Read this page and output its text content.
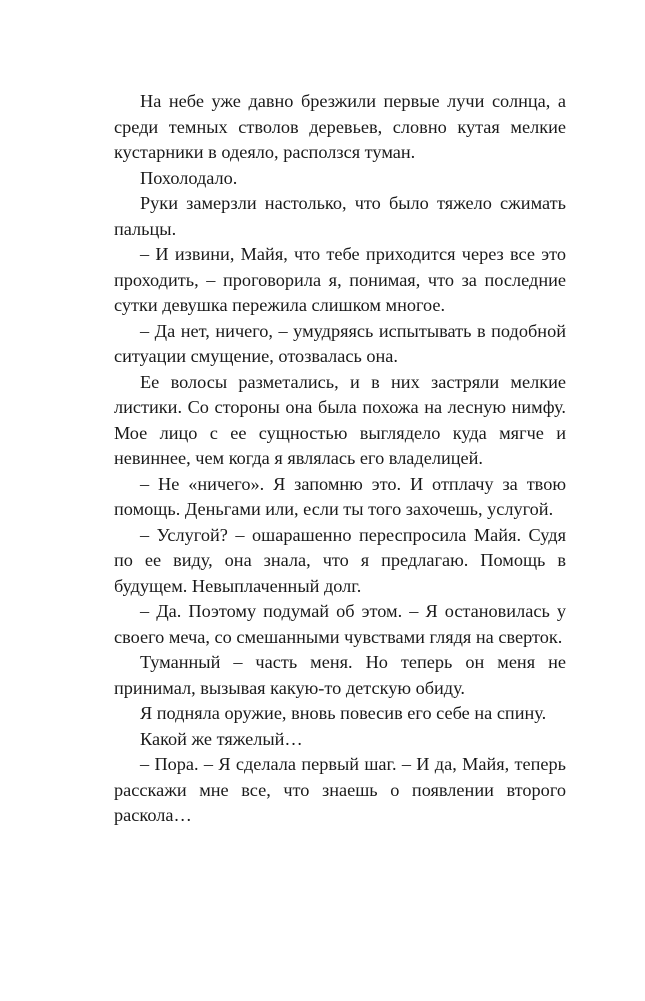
На небе уже давно брезжили первые лучи солнца, а среди темных стволов деревьев, словно кутая мелкие кустарники в одеяло, расползся туман.

Похолодало.

Руки замерзли настолько, что было тяжело сжимать пальцы.

– И извини, Майя, что тебе приходится через все это проходить, – проговорила я, понимая, что за последние сутки девушка пережила слишком многое.

– Да нет, ничего, – умудряясь испытывать в подобной ситуации смущение, отозвалась она.

Ее волосы разметались, и в них застряли мелкие листики. Со стороны она была похожа на лесную нимфу. Мое лицо с ее сущностью выглядело куда мягче и невиннее, чем когда я являлась его владелицей.

– Не «ничего». Я запомню это. И отплачу за твою помощь. Деньгами или, если ты того захочешь, услугой.

– Услугой? – ошарашенно переспросила Майя. Судя по ее виду, она знала, что я предлагаю. Помощь в будущем. Невыплаченный долг.

– Да. Поэтому подумай об этом. – Я остановилась у своего меча, со смешанными чувствами глядя на сверток.

Туманный – часть меня. Но теперь он меня не принимал, вызывая какую-то детскую обиду.

Я подняла оружие, вновь повесив его себе на спину.

Какой же тяжелый…

– Пора. – Я сделала первый шаг. – И да, Майя, теперь расскажи мне все, что знаешь о появлении второго раскола…
